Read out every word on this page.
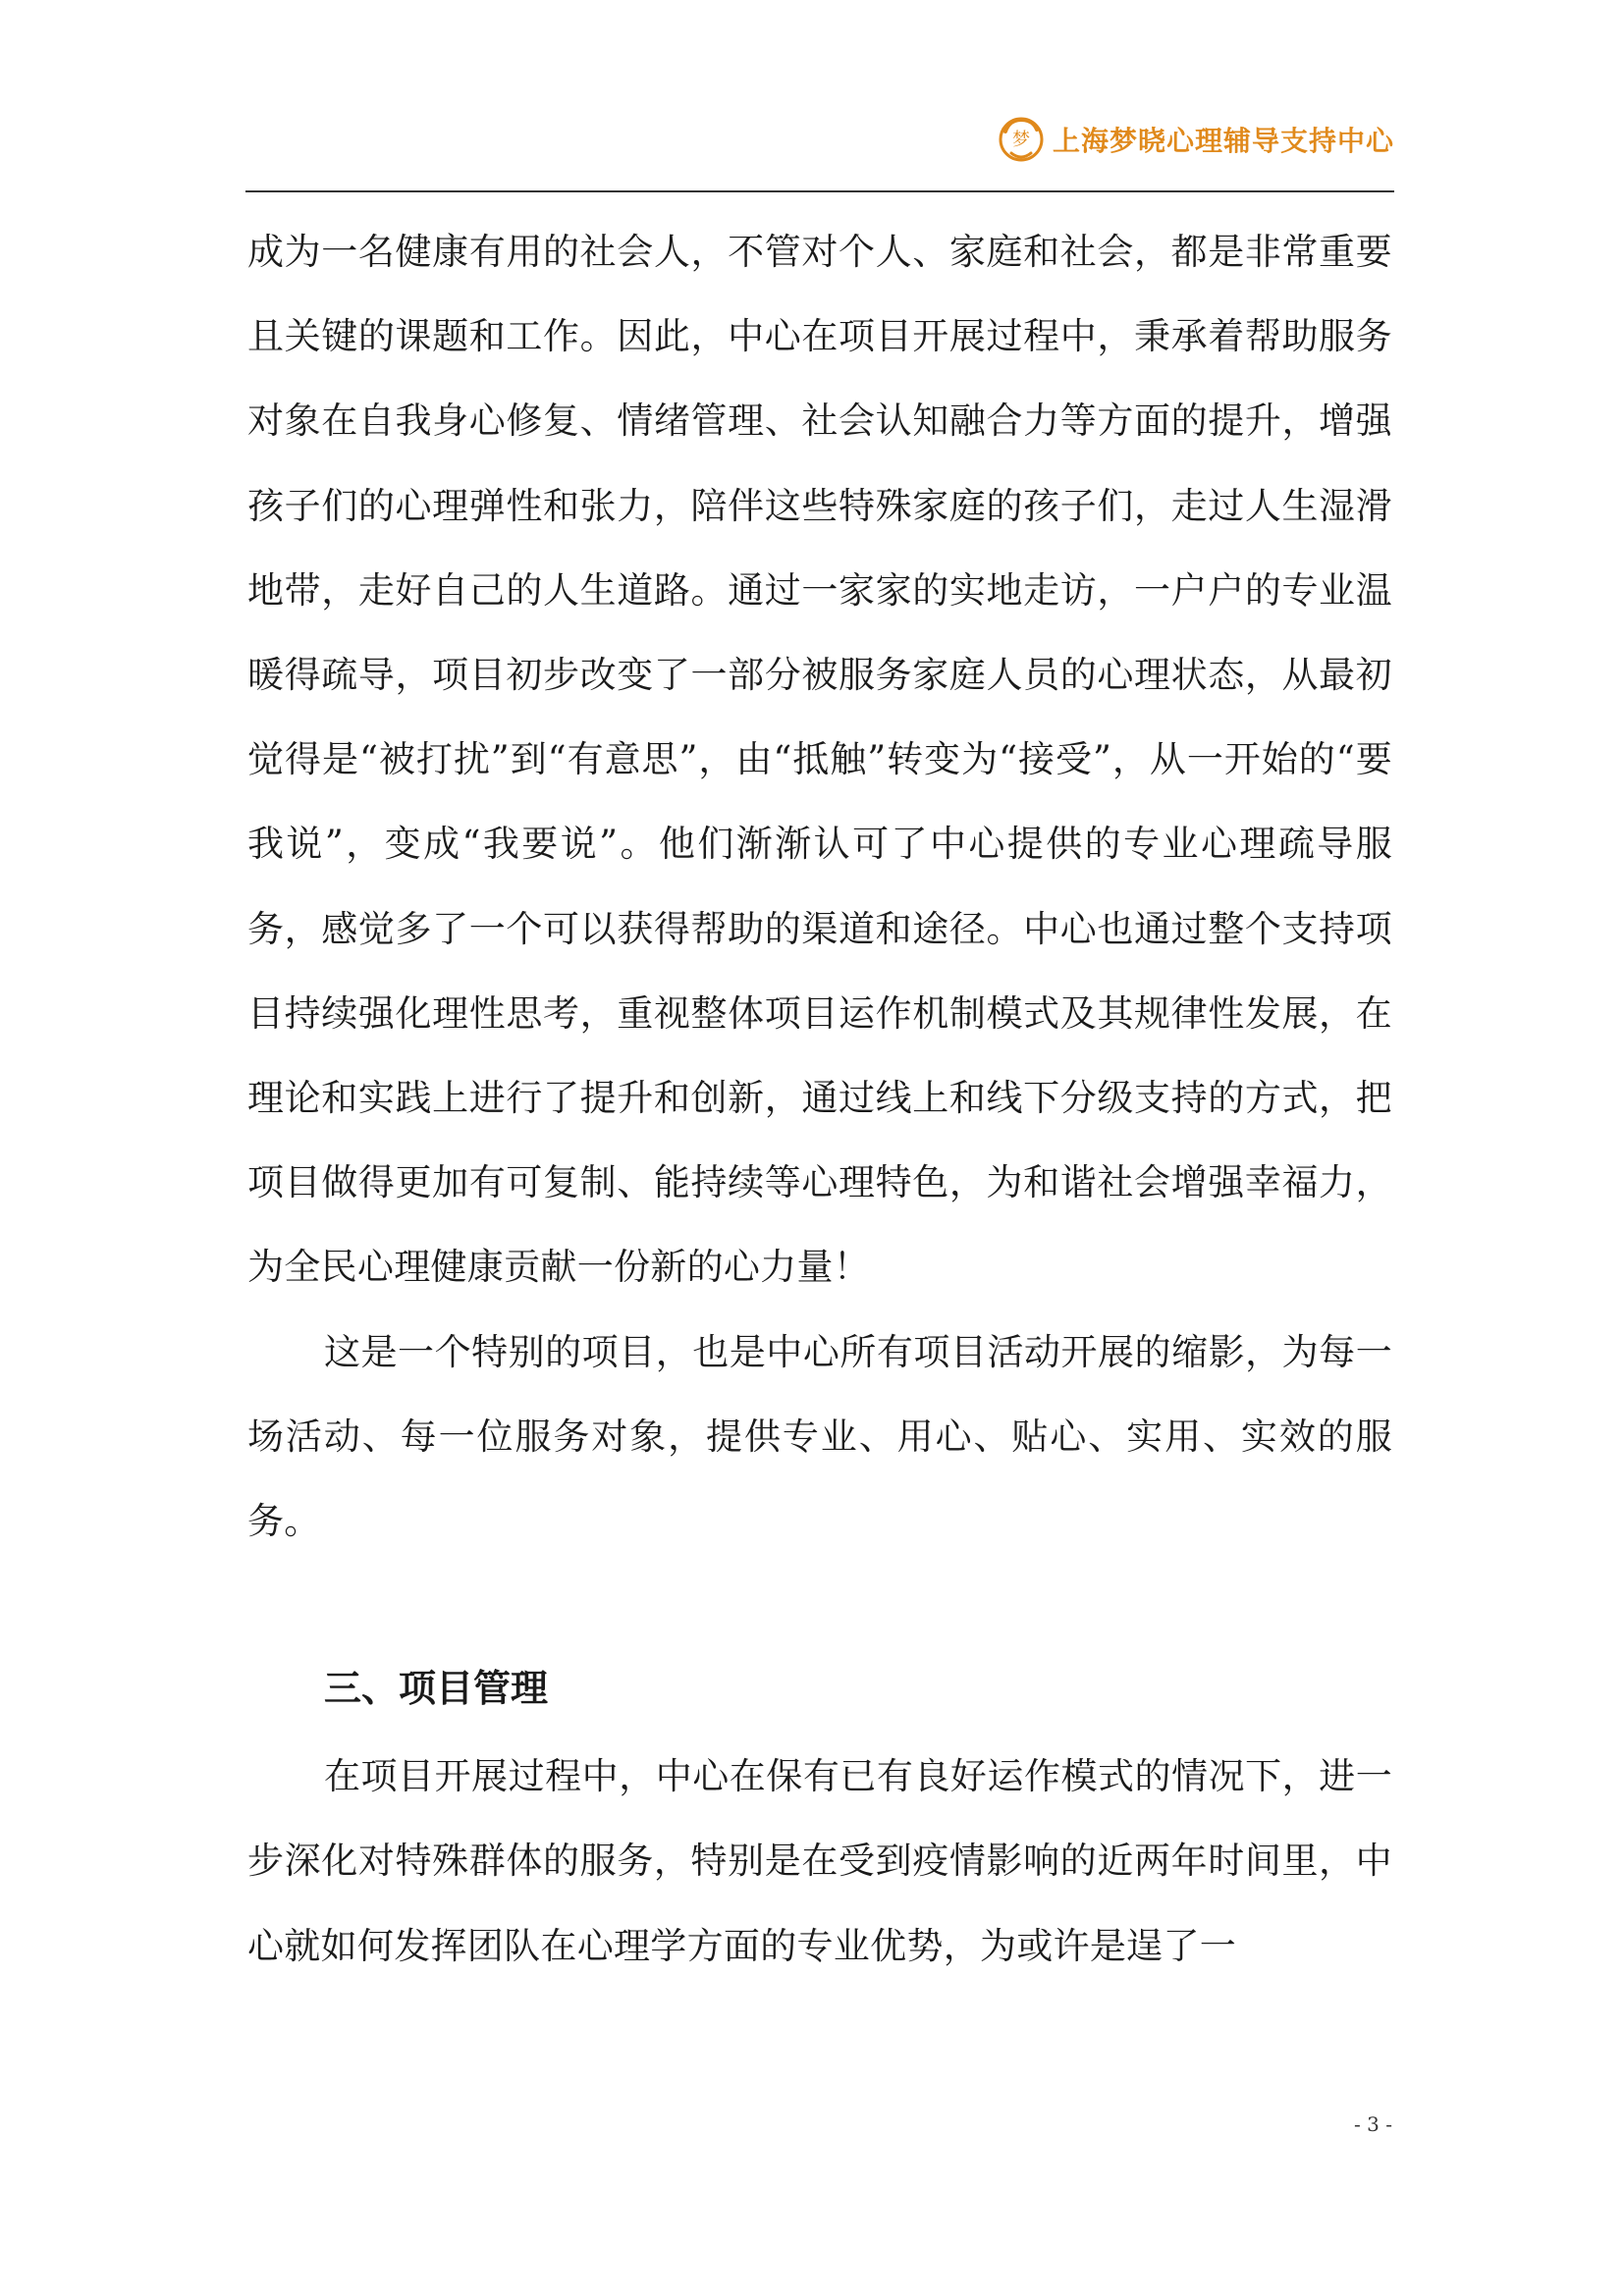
梦 上海梦晓心理辅导支持中心

成为一名健康有用的社会人，不管对个人、家庭和社会，都是非常重要且关键的课题和工作。因此，中心在项目开展过程中，秉承着帮助服务对象在自我身心修复、情绪管理、社会认知融合力等方面的提升，增强孩子们的心理弹性和张力，陪伴这些特殊家庭的孩子们，走过人生湿滑地带，走好自己的人生道路。通过一家家的实地走访，一户户的专业温暖得疏导，项目初步改变了一部分被服务家庭人员的心理状态，从最初觉得是“被打扰”到“有意思”，由“抵触”转变为“接受”，从一开始的“要我说”，变成“我要说”。他们渐渐认可了中心提供的专业心理疏导服务，感觉多了一个可以获得帮助的渠道和途径。中心也通过整个支持项目持续强化理性思考，重视整体项目运作机制模式及其规律性发展，在理论和实践上进行了提升和创新，通过线上和线下分级支持的方式，把项目做得更加有可复制、能持续等心理特色，为和谐社会增强幸福力，为全民心理健康贡献一份新的心力量！

这是一个特别的项目，也是中心所有项目活动开展的缩影，为每一场活动、每一位服务对象，提供专业、用心、贴心、实用、实效的服务。

三、项目管理

在项目开展过程中，中心在保有已有良好运作模式的情况下，进一步深化对特殊群体的服务，特别是在受到疫情影响的近两年时间里，中心就如何发挥团队在心理学方面的专业优势，为或许是逞了一

- 3 -
